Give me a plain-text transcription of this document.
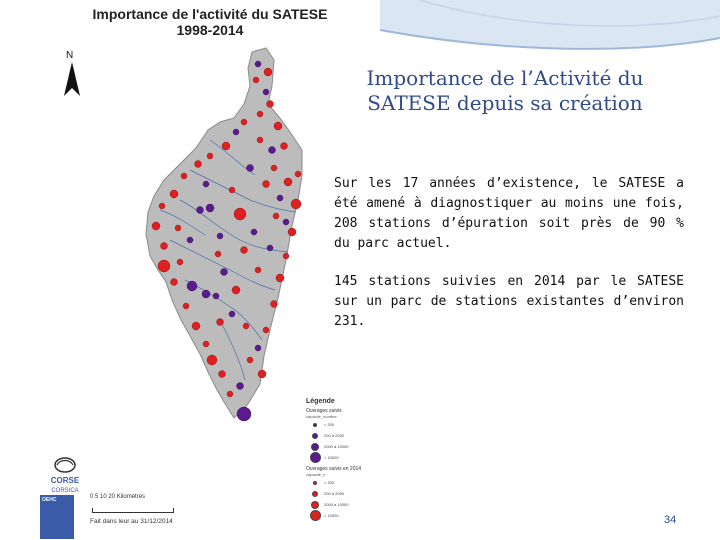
Importance de l'activité du SATESE
1998-2014
N
Légende
Ouvrages suivis
capacité_nombre
< 200
200 à 2000
2000 à 10000
> 10000
Ouvrages suivis en 2014
capacité_n
< 200
200 à 2000
2000 à 10000
> 10000
CORSE
CORSICA
OEHC	0 5 10 20 Kilomètres
Fait dans leur au 31/12/2014
Importance de l’Activité du SATESE depuis sa création

Sur les 17 années d’existence, le SATESE a été amené à diagnostiquer au moins une fois, 208 stations d’épuration soit près de 90 % du parc actuel.

145 stations suivies en 2014 par le SATESE sur un parc de stations existantes d’environ 231.

34
